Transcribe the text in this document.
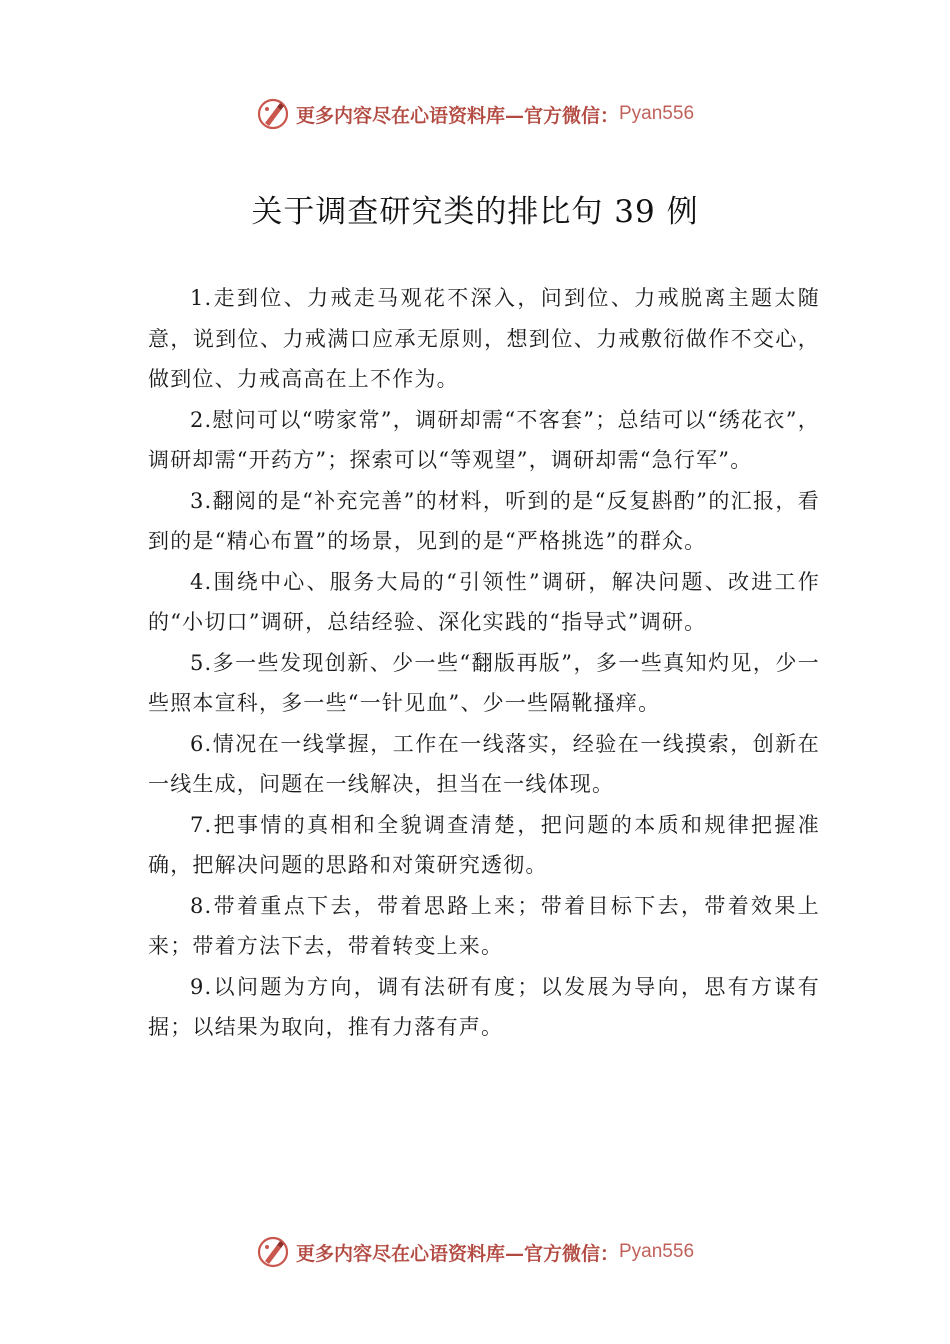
更多内容尽在心语资料库—官方微信： Pyan556
关于调查研究类的排比句 39 例

1.走到位、力戒走马观花不深入，问到位、力戒脱离主题太随意，说到位、力戒满口应承无原则，想到位、力戒敷衍做作不交心，做到位、力戒高高在上不作为。

2.慰问可以“唠家常”，调研却需“不客套”；总结可以“绣花衣”，调研却需“开药方”；探索可以“等观望”，调研却需“急行军”。

3.翻阅的是“补充完善”的材料，听到的是“反复斟酌”的汇报，看到的是“精心布置”的场景，见到的是“严格挑选”的群众。

4.围绕中心、服务大局的“引领性”调研，解决问题、改进工作的“小切口”调研，总结经验、深化实践的“指导式”调研。

5.多一些发现创新、少一些“翻版再版”，多一些真知灼见，少一些照本宣科，多一些“一针见血”、少一些隔靴搔痒。

6.情况在一线掌握，工作在一线落实，经验在一线摸索，创新在一线生成，问题在一线解决，担当在一线体现。

7.把事情的真相和全貌调查清楚，把问题的本质和规律把握准确，把解决问题的思路和对策研究透彻。

8.带着重点下去，带着思路上来；带着目标下去，带着效果上来；带着方法下去，带着转变上来。

9.以问题为方向，调有法研有度；以发展为导向，思有方谋有据；以结果为取向，推有力落有声。

更多内容尽在心语资料库—官方微信： Pyan556
